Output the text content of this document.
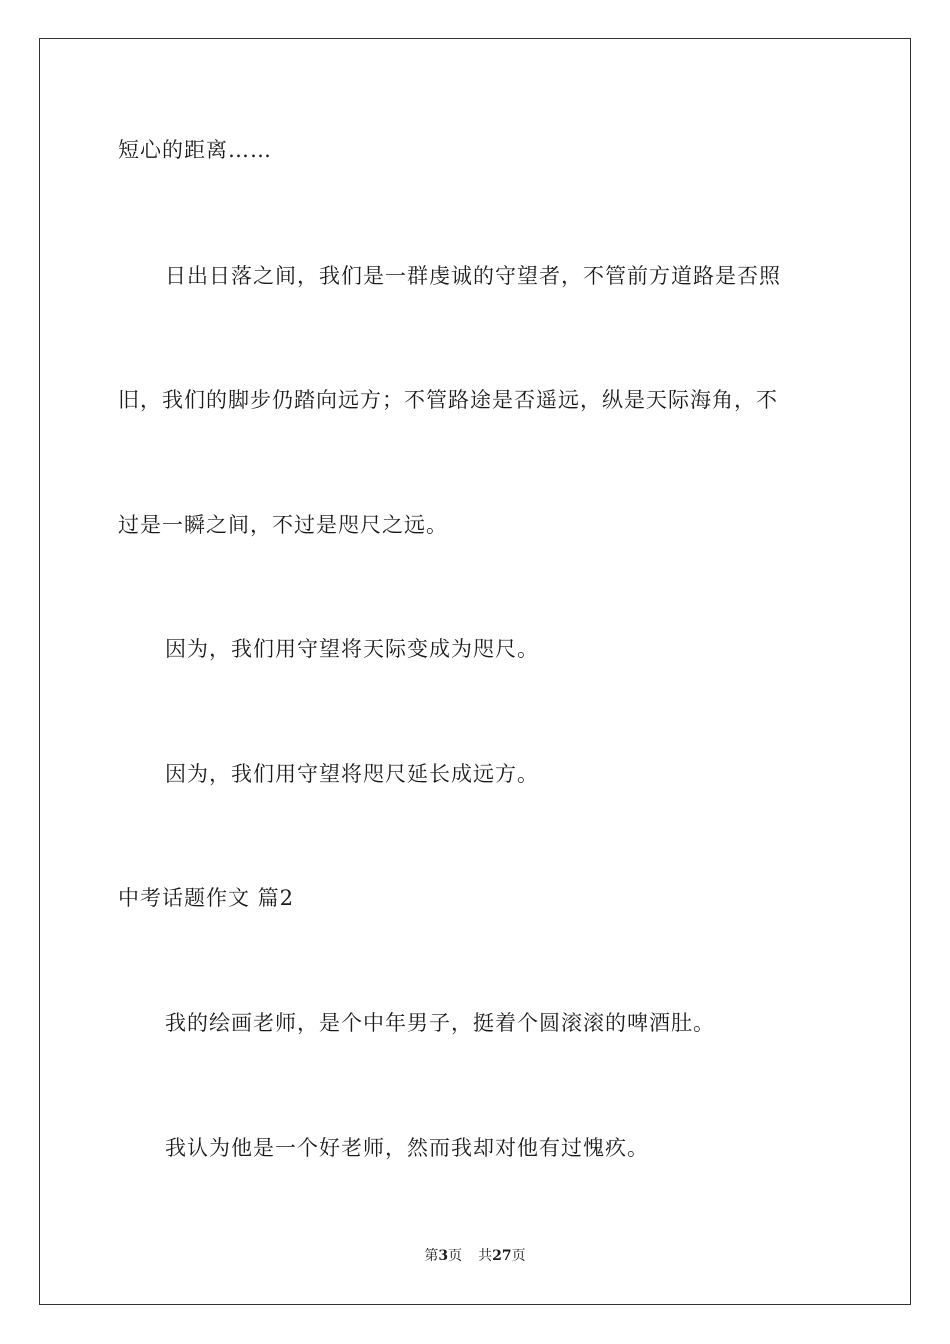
短心的距离……
日出日落之间，我们是一群虔诚的守望者，不管前方道路是否照
旧，我们的脚步仍踏向远方；不管路途是否遥远，纵是天际海角，不
过是一瞬之间，不过是咫尺之远。
因为，我们用守望将天际变成为咫尺。
因为，我们用守望将咫尺延长成远方。
中考话题作文 篇2
我的绘画老师，是个中年男子，挺着个圆滚滚的啤酒肚。
我认为他是一个好老师，然而我却对他有过愧疚。
第3页 共27页
